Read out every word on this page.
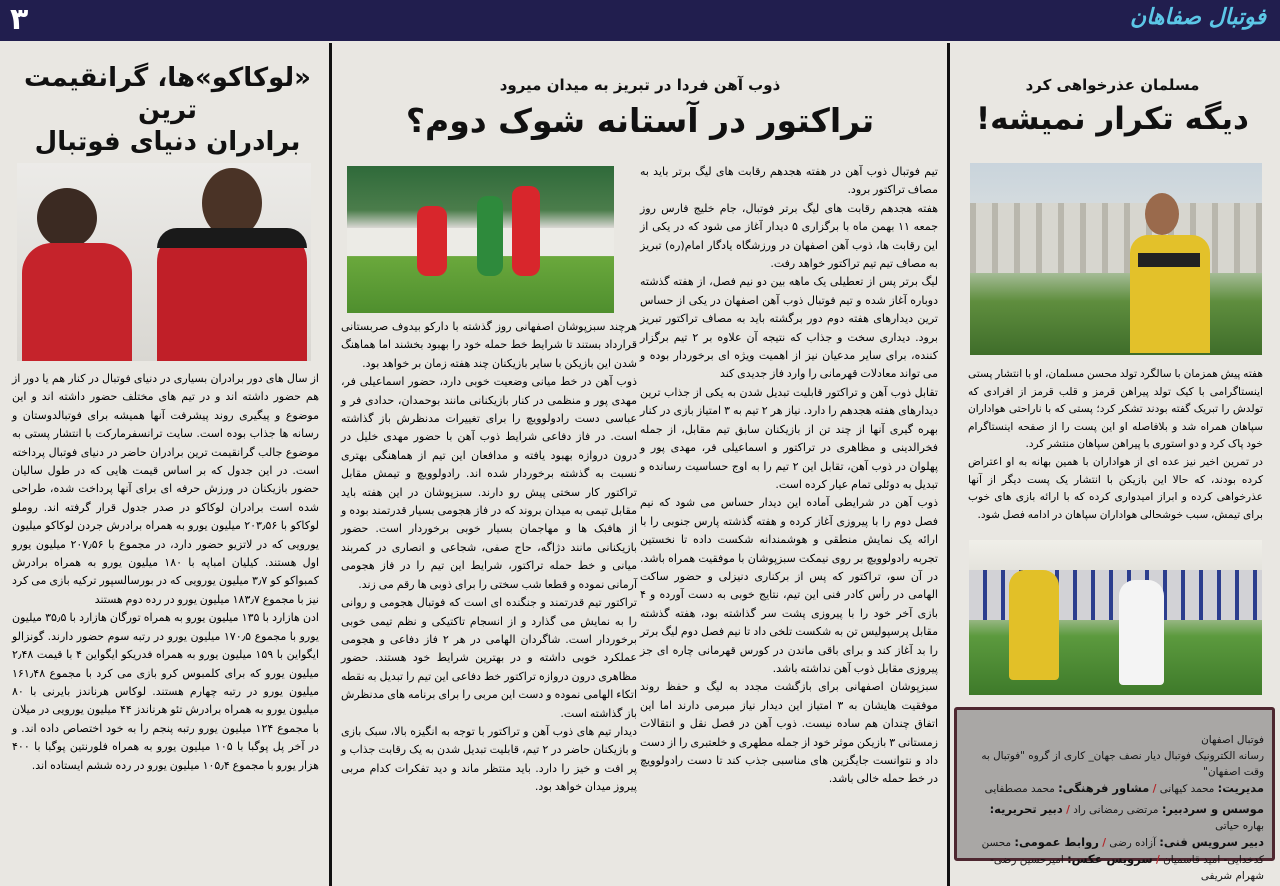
۳	فوتبال صفاهان
مسلمان عذرخواهی کرد
دیگه تکرار نمیشه!

هفته پیش همزمان با سالگرد تولد محسن مسلمان، او با انتشار پستی اینستاگرامی با کیک تولد پیراهن قرمز و قلب قرمز از افرادی که تولدش را تبریک گفته بودند تشکر کرد؛ پستی که با ناراحتی هواداران سپاهان همراه شد و بلافاصله او این پست را از صفحه اینستاگرام خود پاک کرد و دو استوری با پیراهن سپاهان منتشر کرد.

در تمرین اخیر نیز عده ای از هواداران با همین بهانه به او اعتراض کرده بودند، که حالا این بازیکن با انتشار یک پست دیگر از آنها عذرخواهی کرده و ابراز امیدواری کرده که با ارائه بازی های خوب برای تیمش، سبب خوشحالی هواداران سپاهان در ادامه فصل شود.

فوتبال اصفهان
رسانه الکترونیک فوتبال دیار نصف جهان_ کاری از گروه "فوتبال به وقت اصفهان"
مدیریت: محمد کیهانی / مشاور فرهنگی: محمد مصطفایی
موسس و سردبیر: مرتضی رمضانی راد / دبیر تحریریه: بهاره حیاتی
دبیر سرویس فنی: آزاده رضی / روابط عمومی: محسن کدخدایی- امید قاسمیان / سرویس عکس: امیرحسین رضی- شهرام شریفی
ذوب آهن فردا در تبریز به میدان میرود
تراکتور در آستانه شوک دوم؟

تیم فوتبال ذوب آهن در هفته هجدهم رقابت های لیگ برتر باید به مصاف تراکتور برود.

هفته هجدهم رقابت های لیگ برتر فوتبال، جام خلیج فارس روز جمعه ۱۱ بهمن ماه با برگزاری ۵ دیدار آغاز می شود که در یکی از این رقابت ها، ذوب آهن اصفهان در ورزشگاه یادگار امام(ره) تبریز به مصاف تیم تیم تراکتور خواهد رفت.

لیگ برتر پس از تعطیلی یک ماهه بین دو نیم فصل، از هفته گذشته دوباره آغاز شده و تیم فوتبال ذوب آهن اصفهان در یکی از حساس ترین دیدارهای هفته دوم دور برگشته باید به مصاف تراکتور تبریز برود. دیداری سخت و جذاب که نتیجه آن علاوه بر ۲ تیم برگزار کننده، برای سایر مدعیان نیز از اهمیت ویژه ای برخوردار بوده و می تواند معادلات قهرمانی را وارد فاز جدیدی کند

تقابل ذوب آهن و تراکتور قابلیت تبدیل شدن به یکی از جذاب ترین دیدارهای هفته هجدهم را دارد. نیاز هر ۲ تیم به ۳ امتیاز بازی در کنار بهره گیری آنها از چند تن از بازیکنان سابق تیم مقابل، از جمله فخرالدینی و مظاهری در تراکتور و اسماعیلی فر، مهدی پور و پهلوان در ذوب آهن، تقابل این ۲ تیم را به اوج حساسیت رسانده و تبدیل به دوئلی تمام عیار کرده است.

ذوب آهن در شرایطی آماده این دیدار حساس می شود که نیم فصل دوم را با پیروزی آغاز کرده و هفته گذشته پارس جنوبی را با ارائه یک نمایش منطقی و هوشمندانه شکست داده تا نخستین تجربه رادولوویچ بر روی نیمکت سبزپوشان با موفقیت همراه باشد. در آن سو، تراکتور که پس از برکناری دنیزلی و حضور ساکت الهامی در رأس کادر فنی این تیم، نتایج خوبی به دست آورده و ۴ بازی آخر خود را با پیروزی پشت سر گذاشته بود، هفته گذشته مقابل پرسپولیس تن به شکست تلخی داد تا نیم فصل دوم لیگ برتر را بد آغاز کند و برای باقی ماندن در کورس قهرمانی چاره ای جز پیروزی مقابل ذوب آهن نداشته باشد.

سبزپوشان اصفهانی برای بازگشت مجدد به لیگ و حفظ روند موفقیت هایشان به ۳ امتیاز این دیدار نیاز مبرمی دارند اما این اتفاق چندان هم ساده نیست. ذوب آهن در فصل نقل و انتقالات زمستانی ۳ بازیکن موثر خود از جمله مطهری و خلعتبری را از دست داد و نتوانست جایگزین های مناسبی جذب کند تا دست رادولوویچ در خط حمله خالی باشد.

هرچند سبزپوشان اصفهانی روز گذشته با دارکو بیدوف صربستانی قرارداد بستند تا شرایط خط حمله خود را بهبود بخشند اما هماهنگ شدن این بازیکن با سایر بازیکنان چند هفته زمان بر خواهد بود.

ذوب آهن در خط میانی وضعیت خوبی دارد، حضور اسماعیلی فر، مهدی پور و منظمی در کنار بازیکنانی مانند بوحمدان، حدادی فر و عباسی دست رادولوویچ را برای تغییرات مدنظرش باز گذاشته است. در فاز دفاعی شرایط ذوب آهن با حضور مهدی خلیل در درون دروازه بهبود یافته و مدافعان این تیم از هماهنگی بهتری نسبت به گذشته برخوردار شده اند. رادولوویچ و تیمش مقابل تراکتور کار سختی پیش رو دارند. سبزپوشان در این هفته باید مقابل تیمی به میدان بروند که در فاز هجومی بسیار قدرتمند بوده و از هافبک ها و مهاجمان بسیار خوبی برخوردار است. حضور بازیکنانی مانند دژاگه، حاج صفی، شجاعی و انصاری در کمربند میانی و خط حمله تراکتور، شرایط این تیم را در فاز هجومی آرمانی نموده و قطعا شب سختی را برای ذوبی ها رقم می زند.

تراکتور تیم قدرتمند و جنگنده ای است که فوتبال هجومی و روانی را به نمایش می گذارد و از انسجام تاکتیکی و نظم تیمی خوبی برخوردار است. شاگردان الهامی در هر ۲ فاز دفاعی و هجومی عملکرد خوبی داشته و در بهترین شرایط خود هستند. حضور مظاهری درون دروازه تراکتور خط دفاعی این تیم را تبدیل به نقطه اتکاء الهامی نموده و دست این مربی را برای برنامه های مدنظرش باز گذاشته است.

دیدار تیم های ذوب آهن و تراکتور با توجه به انگیزه بالا، سبک بازی و بازیکنان حاضر در ۲ تیم، قابلیت تبدیل شدن به یک رقابت جذاب و پر افت و خیز را دارد. باید منتظر ماند و دید تفکرات کدام مربی پیروز میدان خواهد بود.

«لوکاکو»ها، گرانقیمت ترین
برادران دنیای فوتبال

از سال های دور برادران بسیاری در دنیای فوتبال در کنار هم یا دور از هم حضور داشته اند و در تیم های مختلف حضور داشته اند و این موضوع و پیگیری روند پیشرفت آنها همیشه برای فوتبالدوستان و رسانه ها جذاب بوده است. سایت ترانسفرمارکت با انتشار پستی به موضوع جالب گرانقیمت ترین برادران حاضر در دنیای فوتبال پرداخته است. در این جدول که بر اساس قیمت هایی که در طول سالیان حضور بازیکنان در ورزش حرفه ای برای آنها پرداخت شده، طراحی شده است برادران لوکاکو در صدر جدول قرار گرفته اند. روملو لوکاکو با ۲۰۳٫۵۶ میلیون یورو به همراه برادرش جردن لوکاکو میلیون یورویی که در لاتزیو حضور دارد، در مجموع با ۲۰۷٫۵۶ میلیون یورو اول هستند. کیلیان امباپه با ۱۸۰ میلیون یورو به همراه برادرش کمبواکو کو ۳٫۷ میلیون یورویی که در بورسالسپور ترکیه بازی می کرد نیز با مجموع ۱۸۳٫۷ میلیون یورو در رده دوم هستند

ادن هازارد با ۱۳۵ میلیون یورو به همراه تورگان هازارد با ۳۵٫۵ میلیون یورو با مجموع ۱۷۰٫۵ میلیون یورو در رتبه سوم حضور دارند. گونزالو ایگواین با ۱۵۹ میلیون یورو به همراه فدریکو ایگواین ۴ با قیمت ۲٫۴۸ میلیون یورو که برای کلمبوس کرو بازی می کرد با مجموع ۱۶۱٫۴۸ میلیون یورو در رتبه چهارم هستند. لوکاس هرناندز بایرنی با ۸۰ میلیون یورو به همراه برادرش تئو هرناندز ۴۴ میلیون یورویی در میلان با مجموع ۱۲۴ میلیون یورو رتبه پنجم را به خود اختصاص داده اند. و در آخر پل پوگبا با ۱۰۵ میلیون یورو به همراه فلورنتین پوگبا با ۴۰۰ هزار یورو با مجموع ۱۰۵٫۴ میلیون یورو در رده ششم ایستاده اند.
